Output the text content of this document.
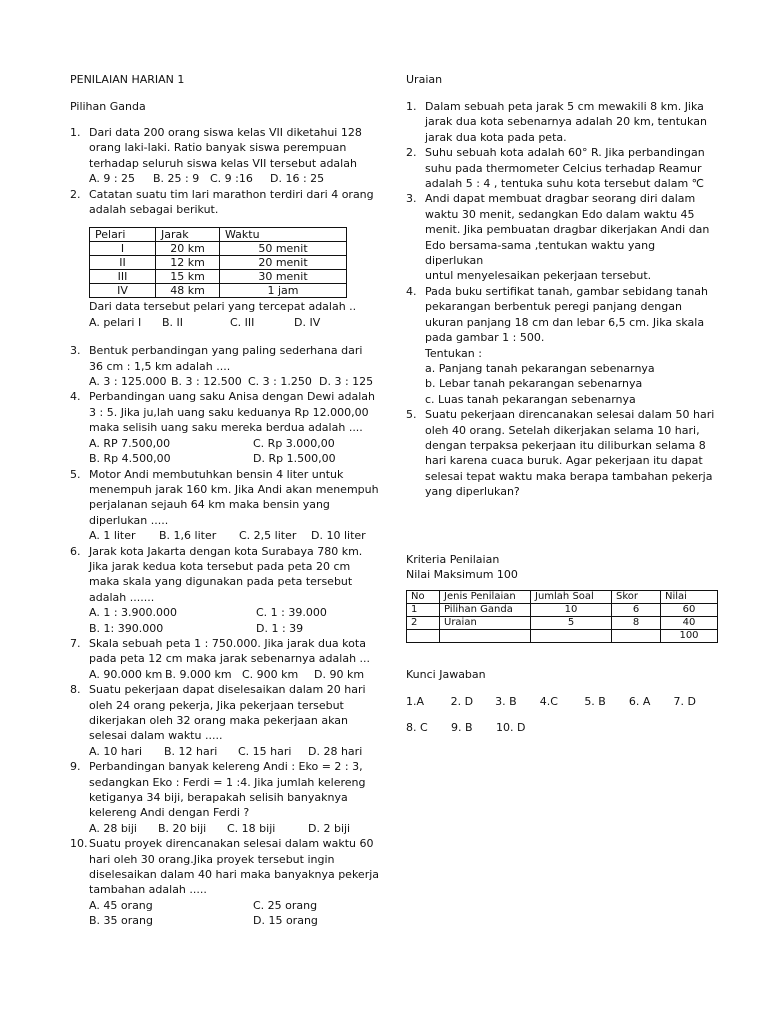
PENILAIAN HARIAN 1
Pilihan Ganda
1. Dari data 200 orang siswa kelas VII diketahui 128
orang laki-laki. Rati̇o banyak siswa perempuan
terhadap seluruh siswa kelas VII tersebut adalah
A. 9 : 25	B. 25 : 9 C. 9 :16	D. 16 : 25
2. Catatan suatu ti̇m lari marathon terdiri dari 4 orang
adalah sebagai berikut.
Pelari	Jarak	Waktu
I	20 km	50 menit
II	12 km	20 menit
III	15 km	30 menit
IV	48 km	1 jam
Dari data tersebut pelari yang tercepat adalah ..
A. pelari I	B. II	C. III	D. IV
3. Bentuk perbandingan yang paling sederhana dari
36 cm : 1,5 km adalah ....
A. 3 : 125.000 B. 3 : 12.500 C. 3 : 1.250 D. 3 : 125
4. Perbandingan uang saku Anisa dengan Dewi adalah
3 : 5. Jika ju,lah uang saku keduanya Rp 12.000,00
maka selisih uang saku mereka berdua adalah ....
A. RP 7.500,00	C. Rp 3.000,00
B. Rp 4.500,00	D. Rp 1.500,00
5. Motor Andi membutuhkan bensin 4 liter untuk
menempuh jarak 160 km. Jika Andi akan menempuh
perjalanan sejauh 64 km maka bensin yang
diperlukan .....
A. 1 liter	B. 1,6 liter	C. 2,5 liter	D. 10 liter
6. Jarak kota Jakarta dengan kota Surabaya 780 km.
Jika jarak kedua kota tersebut pada peta 20 cm
maka skala yang digunakan pada peta tersebut
adalah .......
A. 1 : 3.900.000	C. 1 : 39.000
B. 1: 390.000	D. 1 : 39
7. Skala sebuah peta 1 : 750.000. Jika jarak dua kota
pada peta 12 cm maka jarak sebenarnya adalah ...
A. 90.000 km B. 9.000 km C. 900 km	D. 90 km
8. Suatu pekerjaan dapat diselesaikan dalam 20 hari
oleh 24 orang pekerja, Jika pekerjaan tersebut
dikerjakan oleh 32 orang maka pekerjaan akan
selesai dalam waktu .....
A. 10 hari	B. 12 hari	C. 15 hari	D. 28 hari
9. Perbandingan banyak kelereng Andi : Eko = 2 : 3,
sedangkan Eko : Ferdi = 1 :4. Jika jumlah kelereng
keti̇ganya 34 biji, berapakah selisih banyaknya
kelereng Andi dengan Ferdi ?
A. 28 biji	B. 20 biji	C. 18 biji	D. 2 biji
10. Suatu proyek direncanakan selesai dalam waktu 60
hari oleh 30 orang.Jika proyek tersebut ingin
diselesaikan dalam 40 hari maka banyaknya pekerja
tambahan adalah .....
A. 45 orang	C. 25 orang
B. 35 orang	D. 15 orang
Uraian
1. Dalam sebuah peta jarak 5 cm mewakili 8 km. Jika
jarak dua kota sebenarnya adalah 20 km, tentukan
jarak dua kota pada peta.
2. Suhu sebuah kota adalah 60° R. Jika perbandingan
suhu pada thermometer Celcius terhadap Reamur
adalah 5 : 4 , tentuka suhu kota tersebut dalam ℃
3. Andi dapat membuat dragbar seorang diri dalam
waktu 30 menit, sedangkan Edo dalam waktu 45
menit. Jika pembuatan dragbar dikerjakan Andi dan
Edo bersama-sama ,tentukan waktu yang diperlukan
untul menyelesaikan pekerjaan tersebut.
4. Pada buku serti̇fikat tanah, gambar sebidang tanah
pekarangan berbentuk peregi panjang dengan
ukuran panjang 18 cm dan lebar 6,5 cm. Jika skala
pada gambar 1 : 500.
Tentukan :
a. Panjang tanah pekarangan sebenarnya
b. Lebar tanah pekarangan sebenarnya
c. Luas tanah pekarangan sebenarnya
5. Suatu pekerjaan direncanakan selesai dalam 50 hari
oleh 40 orang. Setelah dikerjakan selama 10 hari,
dengan terpaksa pekerjaan itu diliburkan selama 8
hari karena cuaca buruk. Agar pekerjaan itu dapat
selesai tepat waktu maka berapa tambahan pekerja
yang diperlukan?
Kriteria Penilaian
Nilai Maksimum 100
No	Jenis Penilaian	Jumlah Soal	Skor	Nilai
1	Pilihan Ganda	10	6	60
2	Uraian	5	8	40
				100
Kunci Jawaban
1.A	2. D	3. B	4.C	5. B	6. A	7. D
8. C	9. B	10. D
